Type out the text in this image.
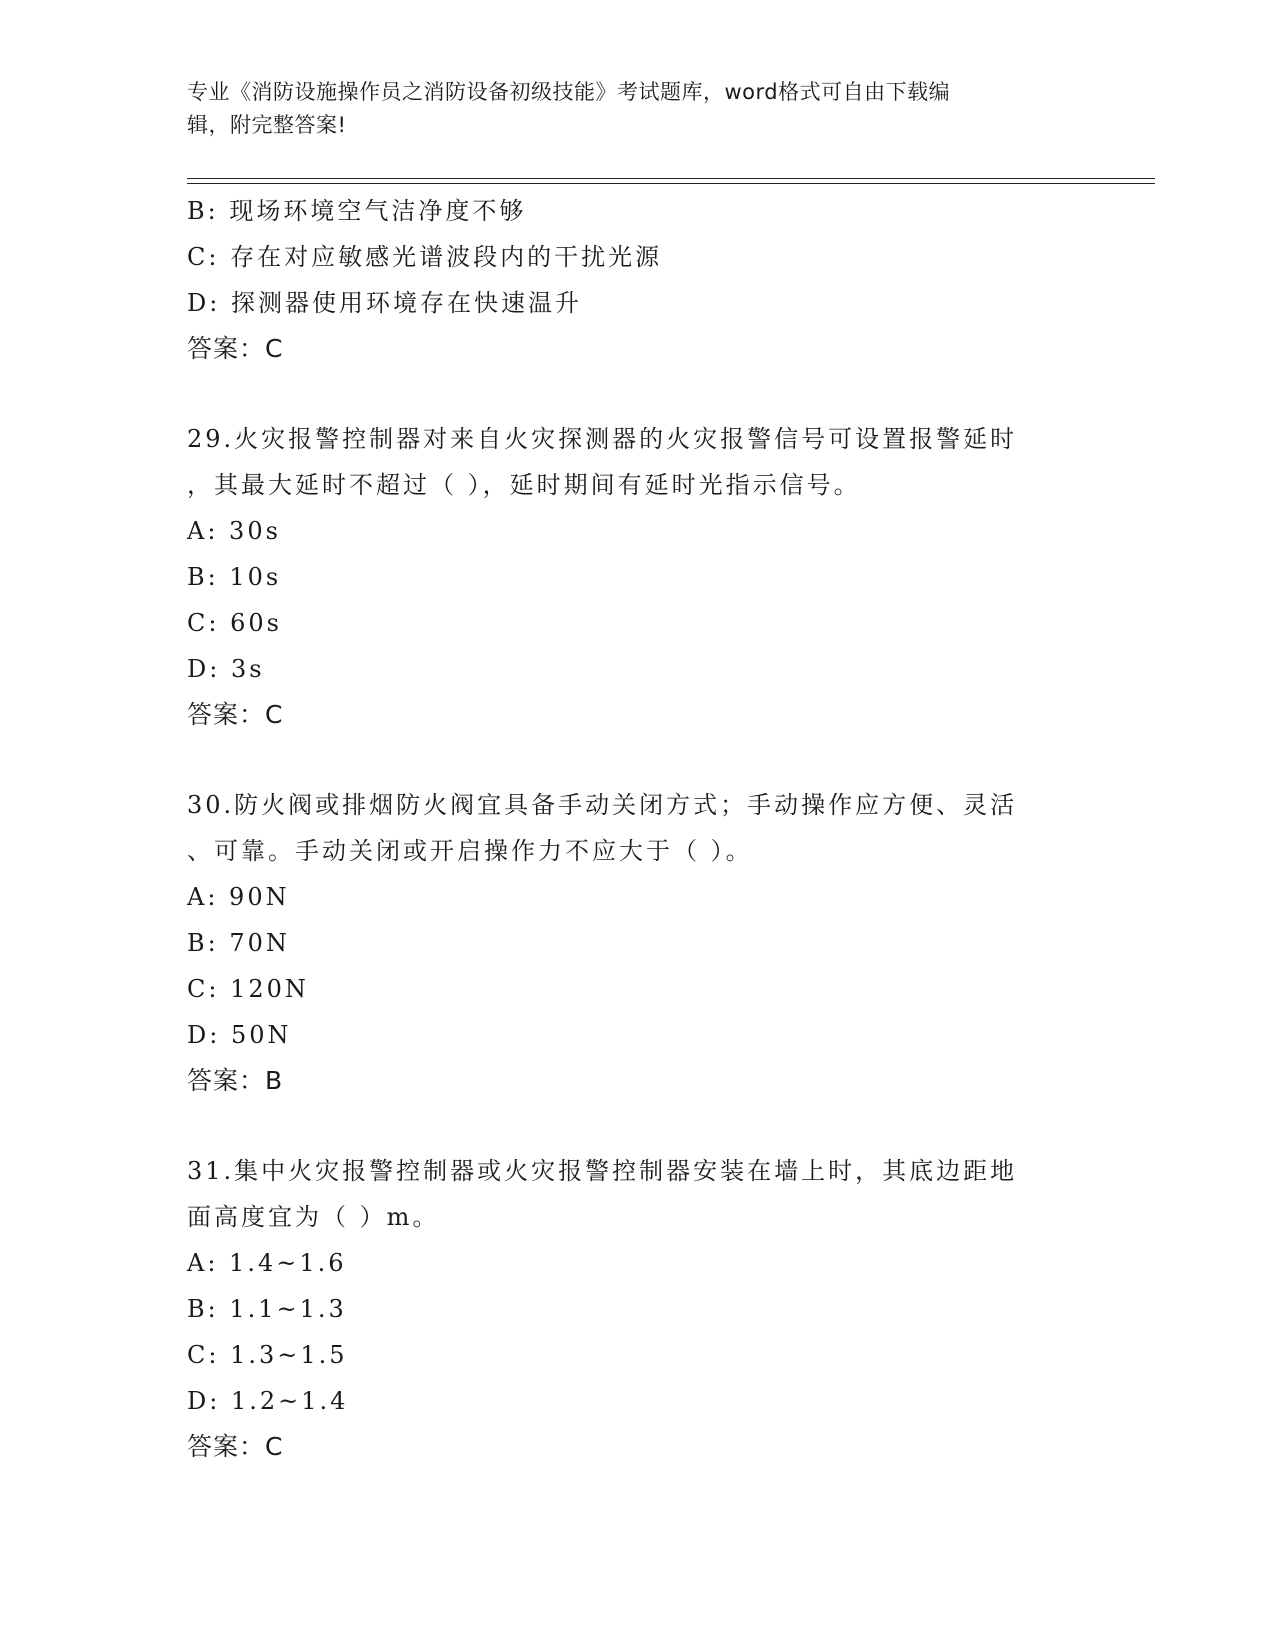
专业《消防设施操作员之消防设备初级技能》考试题库，word格式可自由下载编
辑，附完整答案!
B: 现场环境空气洁净度不够
C: 存在对应敏感光谱波段内的干扰光源
D: 探测器使用环境存在快速温升
答案：C
29.火灾报警控制器对来自火灾探测器的火灾报警信号可设置报警延时
，其最大延时不超过（ ），延时期间有延时光指示信号。
A: 30s
B: 10s
C: 60s
D: 3s
答案：C
30.防火阀或排烟防火阀宜具备手动关闭方式；手动操作应方便、灵活
、可靠。手动关闭或开启操作力不应大于（ ）。
A: 90N
B: 70N
C: 120N
D: 50N
答案：B
31.集中火灾报警控制器或火灾报警控制器安装在墙上时，其底边距地
面高度宜为（ ）m。
A: 1.4~1.6
B: 1.1~1.3
C: 1.3~1.5
D: 1.2~1.4
答案：C
